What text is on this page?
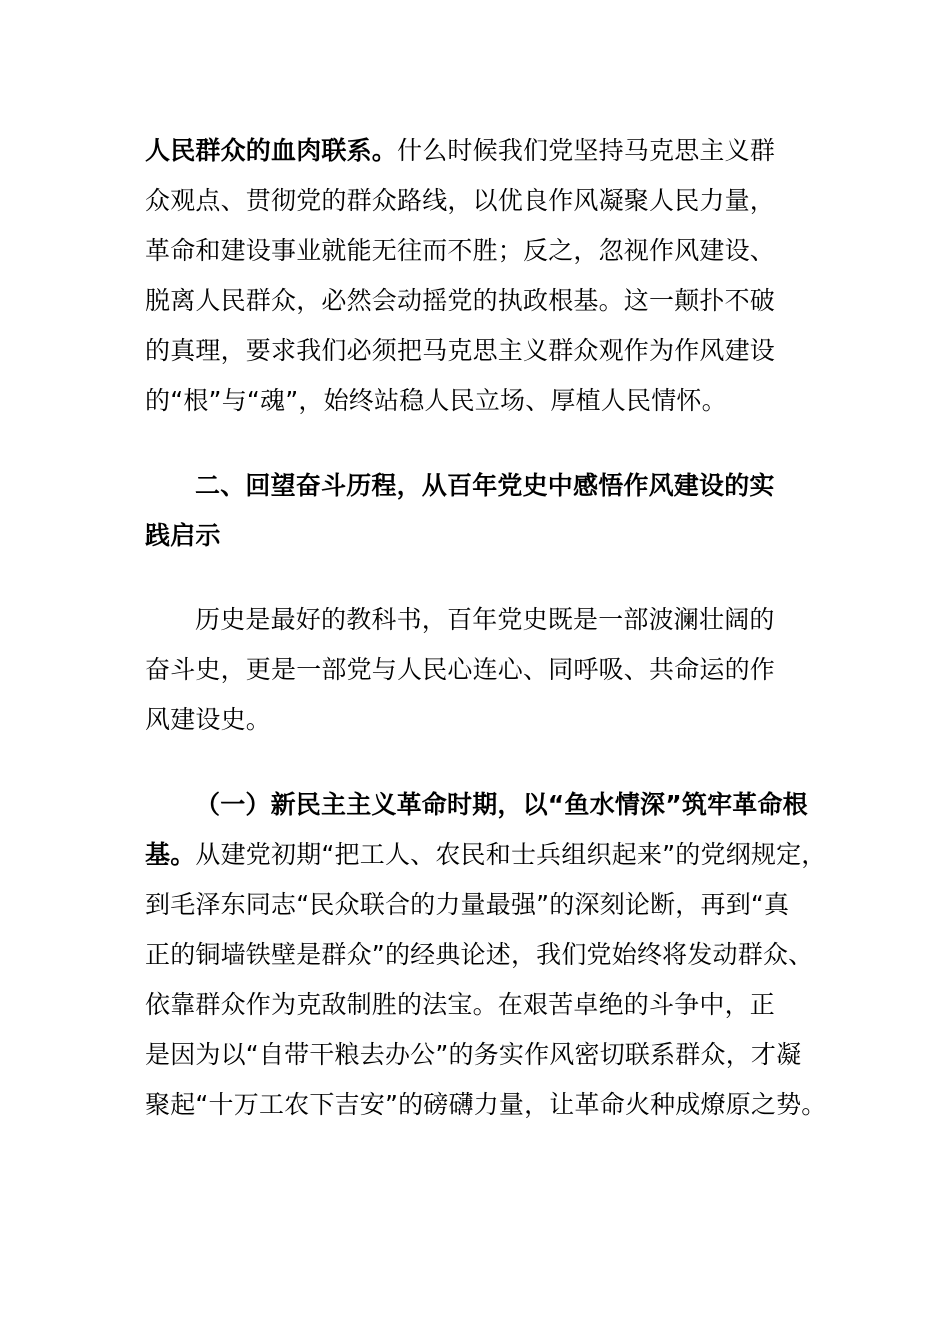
人民群众的血肉联系。什么时候我们党坚持马克思主义群
众观点、贯彻党的群众路线，以优良作风凝聚人民力量，
革命和建设事业就能无往而不胜；反之，忽视作风建设、
脱离人民群众，必然会动摇党的执政根基。这一颠扑不破
的真理，要求我们必须把马克思主义群众观作为作风建设
的“根”与“魂”，始终站稳人民立场、厚植人民情怀。
二、回望奋斗历程，从百年党史中感悟作风建设的实
践启示
历史是最好的教科书，百年党史既是一部波澜壮阔的
奋斗史，更是一部党与人民心连心、同呼吸、共命运的作
风建设史。
（一）新民主主义革命时期，以“鱼水情深”筑牢革命根
基。从建党初期“把工人、农民和士兵组织起来”的党纲规定，
到毛泽东同志“民众联合的力量最强”的深刻论断，再到“真
正的铜墙铁壁是群众”的经典论述，我们党始终将发动群众、
依靠群众作为克敌制胜的法宝。在艰苦卓绝的斗争中，正
是因为以“自带干粮去办公”的务实作风密切联系群众，才凝
聚起“十万工农下吉安”的磅礴力量，让革命火种成燎原之势。
